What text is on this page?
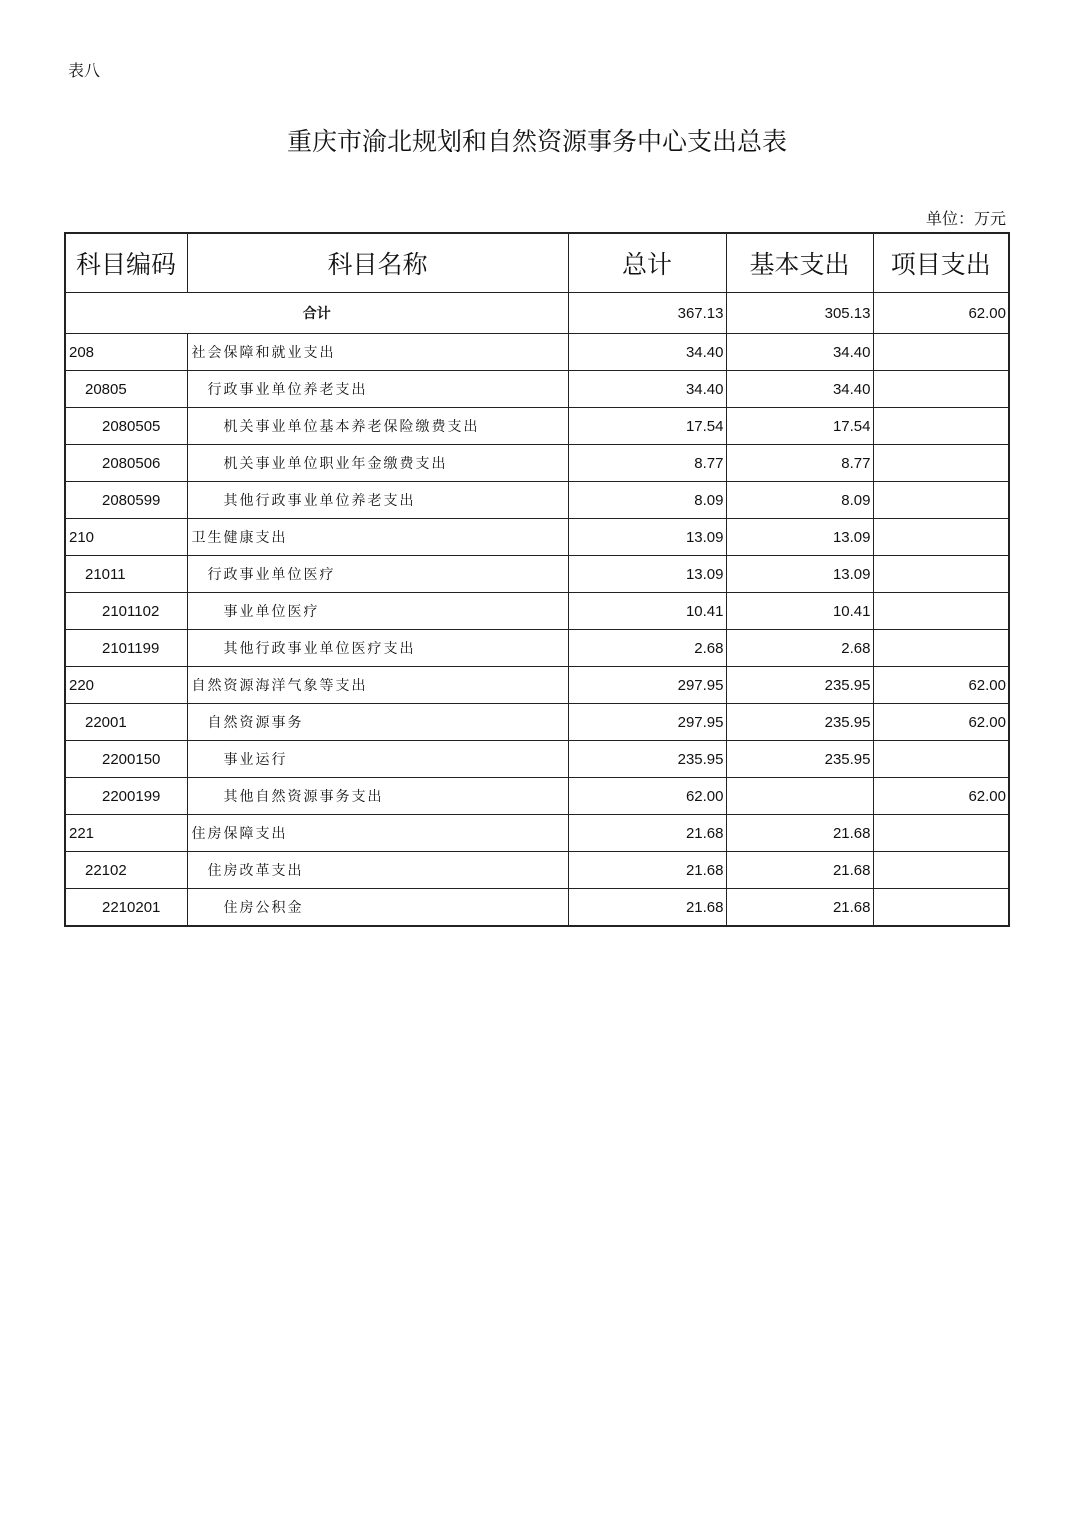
表八
重庆市渝北规划和自然资源事务中心支出总表
单位：万元
科目编码	科目名称	总计	基本支出	项目支出
合计		367.13	305.13	62.00
208	社会保障和就业支出	34.40	34.40	
20805	行政事业单位养老支出	34.40	34.40	
2080505	机关事业单位基本养老保险缴费支出	17.54	17.54	
2080506	机关事业单位职业年金缴费支出	8.77	8.77	
2080599	其他行政事业单位养老支出	8.09	8.09	
210	卫生健康支出	13.09	13.09	
21011	行政事业单位医疗	13.09	13.09	
2101102	事业单位医疗	10.41	10.41	
2101199	其他行政事业单位医疗支出	2.68	2.68	
220	自然资源海洋气象等支出	297.95	235.95	62.00
22001	自然资源事务	297.95	235.95	62.00
2200150	事业运行	235.95	235.95	
2200199	其他自然资源事务支出	62.00		62.00
221	住房保障支出	21.68	21.68	
22102	住房改革支出	21.68	21.68	
2210201	住房公积金	21.68	21.68	
